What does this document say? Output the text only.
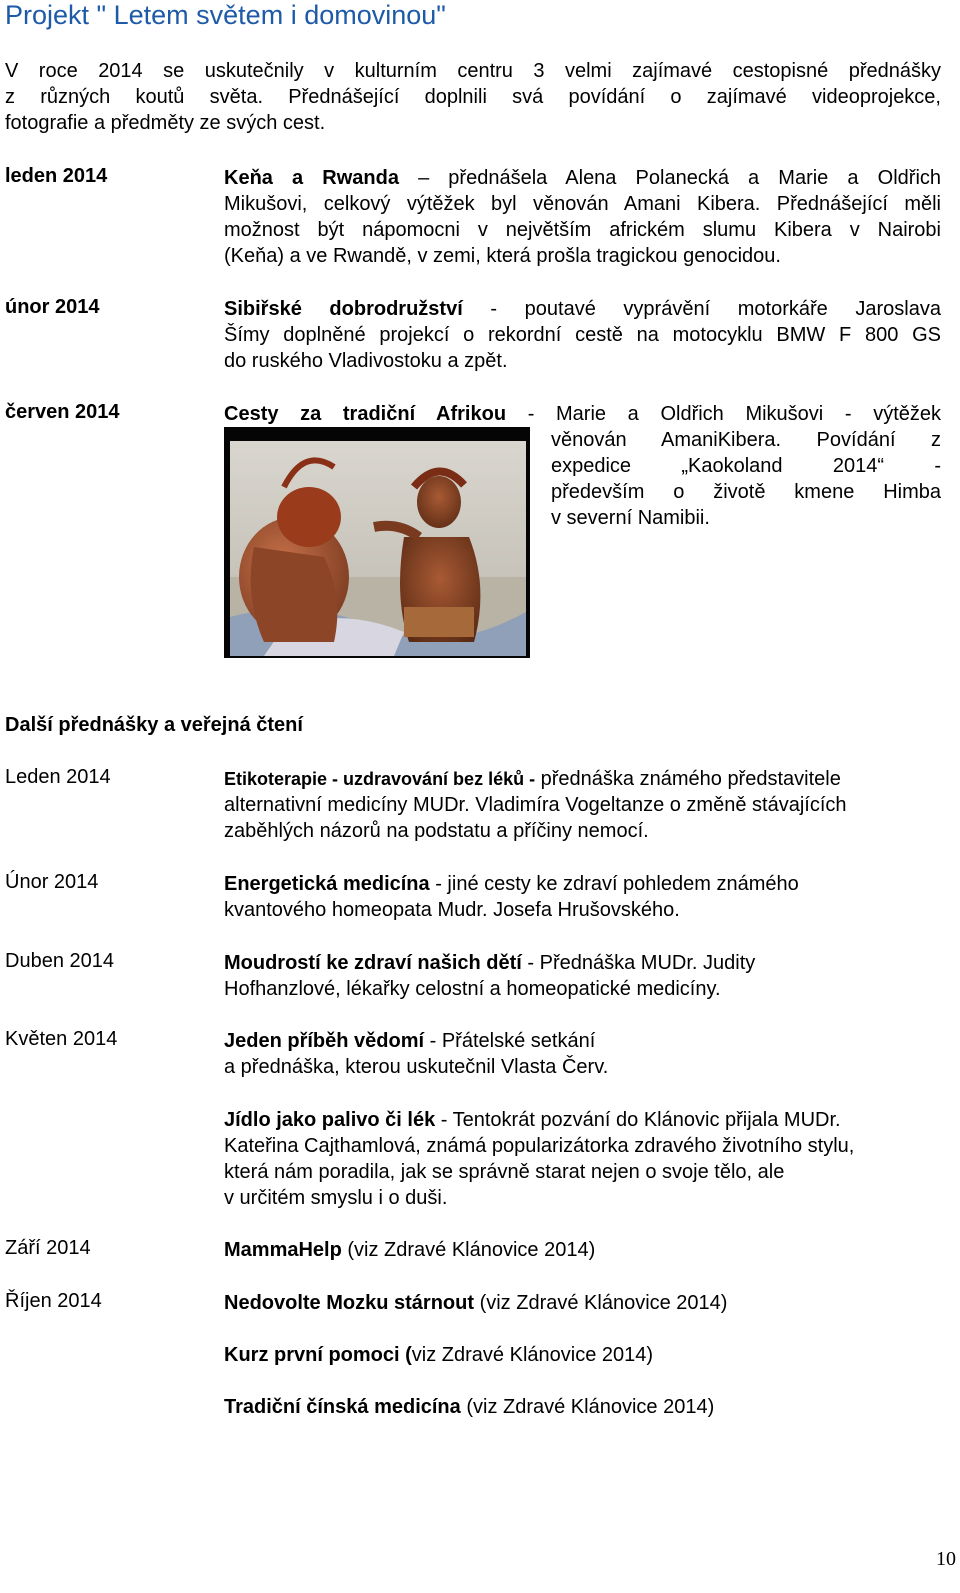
Projekt " Letem světem i domovinou"
V roce 2014 se uskutečnily v kulturním centru 3 velmi zajímavé cestopisné přednášky
z různých koutů světa. Přednášející doplnili svá povídání o zajímavé videoprojekce,
fotografie a předměty ze svých cest.
leden 2014	Keňa a Rwanda – přednášela Alena Polanecká a Marie a Oldřich
Mikušovi, celkový výtěžek byl věnován Amani Kibera. Přednášející měli
možnost být nápomocni v největším africkém slumu Kibera v Nairobi
(Keňa) a ve Rwandě, v zemi, která prošla tragickou genocidou.
únor 2014	Sibiřské dobrodružství - poutavé vyprávění motorkáře Jaroslava
Šímy doplněné projekcí o rekordní cestě na motocyklu BMW F 800 GS
do ruského Vladivostoku a zpět.
červen 2014	Cesty za tradiční Afrikou - Marie a Oldřich Mikušovi - výtěžek
věnován AmaniKibera. Povídání z
expedice „Kaokoland 2014“ -
především o životě kmene Himba
v severní Namibii.
Další přednášky a veřejná čtení
Leden 2014	Etikoterapie - uzdravování bez léků - přednáška známého představitele
alternativní medicíny MUDr. Vladimíra Vogeltanze o změně stávajících
zaběhlých názorů na podstatu a příčiny nemocí.
Únor 2014	Energetická medicína - jiné cesty ke zdraví pohledem známého
kvantového homeopata Mudr. Josefa Hrušovského.
Duben 2014	Moudrostí ke zdraví našich dětí - Přednáška MUDr. Judity
Hofhanzlové, lékařky celostní a homeopatické medicíny.
Květen 2014	Jeden příběh vědomí - Přátelské setkání
a přednáška, kterou uskutečnil Vlasta Červ.
Jídlo jako palivo či lék - Tentokrát pozvání do Klánovic přijala MUDr.
Kateřina Cajthamlová, známá popularizátorka zdravého životního stylu,
která nám poradila, jak se správně starat nejen o svoje tělo, ale
v určitém smyslu i o duši.
Září 2014	MammaHelp (viz Zdravé Klánovice 2014)
Říjen 2014	Nedovolte Mozku stárnout (viz Zdravé Klánovice 2014)
Kurz první pomoci (viz Zdravé Klánovice 2014)
Tradiční čínská medicína (viz Zdravé Klánovice 2014)
10
